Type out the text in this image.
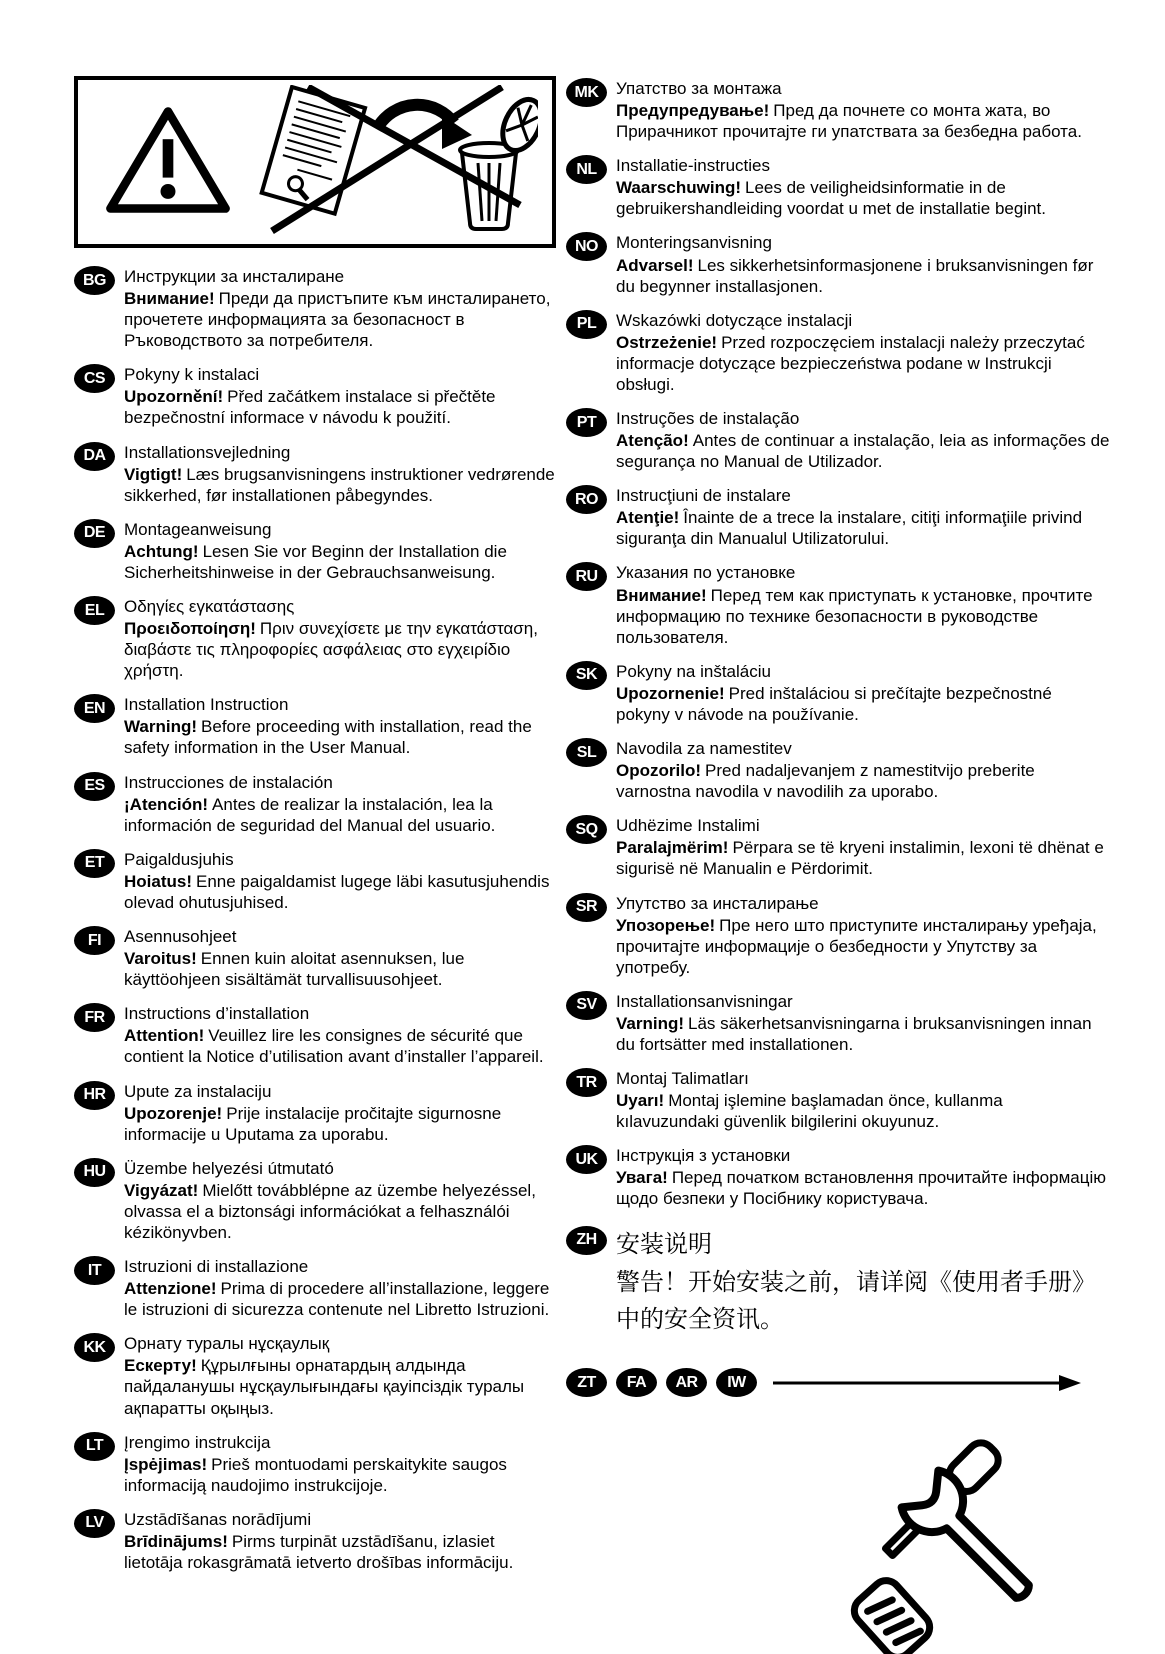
BG	Инструкции за инсталиране

Внимание! Преди да пристъпите към инсталирането, прочетете информацията за безопасност в Ръководството за потребителя.

CS	Pokyny k instalaci

Upozornění! Před začátkem instalace si přečtěte bezpečnostní informace v návodu k použití.

DA	Installationsvejledning

Vigtigt! Læs brugsanvisningens instruktioner vedrørende sikkerhed, før installationen påbegyndes.

DE	Montageanweisung

Achtung! Lesen Sie vor Beginn der Installation die Sicherheitshinweise in der Gebrauchsanweisung.

EL	Οδηγίες εγκατάστασης

Προειδοποίηση! Πριν συνεχίσετε με την εγκατάσταση, διαβάστε τις πληροφορίες ασφάλειας στο εγχειρίδιο χρήστη.

EN	Installation Instruction

Warning! Before proceeding with installation, read the safety information in the User Manual.

ES	Instrucciones de instalación

¡Atención! Antes de realizar la instalación, lea la información de seguridad del Manual del usuario.

ET	Paigaldusjuhis

Hoiatus! Enne paigaldamist lugege läbi kasutusjuhendis olevad ohutusjuhised.

FI	Asennusohjeet

Varoitus! Ennen kuin aloitat asennuksen, lue käyttöohjeen sisältämät turvallisuusohjeet.

FR	Instructions d’installation

Attention! Veuillez lire les consignes de sécurité que contient la Notice d’utilisation avant d’installer l’appareil.

HR	Upute za instalaciju

Upozorenje! Prije instalacije pročitajte sigurnosne informacije u Uputama za uporabu.

HU	Üzembe helyezési útmutató

Vigyázat! Mielőtt továbblépne az üzembe helyezéssel, olvassa el a biztonsági információkat a felhasználói kézikönyvben.

IT	Istruzioni di installazione

Attenzione! Prima di procedere all’installazione, leggere le istruzioni di sicurezza contenute nel Libretto Istruzioni.

KK	Орнату туралы нұсқаулық

Ескерту! Құрылғыны орнатардың алдында пайдаланушы нұсқаулығындағы қауіпсіздік туралы ақпаратты оқыңыз.

LT	Įrengimo instrukcija

Įspėjimas! Prieš montuodami perskaitykite saugos informaciją naudojimo instrukcijoje.

LV	Uzstādīšanas norādījumi

Brīdinājums! Pirms turpināt uzstādīšanu, izlasiet lietotāja rokasgrāmatā ietverto drošības informāciju.

MK	Упатство за монтажа

Предупредување! Пред да почнете со монта жата, во Прирачникот прочитајте ги упатствата за безбедна работа.

NL	Installatie-instructies

Waarschuwing! Lees de veiligheidsinformatie in de gebruikershandleiding voordat u met de installatie begint.

NO	Monteringsanvisning

Advarsel! Les sikkerhetsinformasjonene i bruksanvisningen før du begynner installasjonen.

PL	Wskazówki dotyczące instalacji

Ostrzeżenie! Przed rozpoczęciem instalacji należy przeczytać informacje dotyczące bezpieczeństwa podane w Instrukcji obsługi.

PT	Instruções de instalação

Atenção! Antes de continuar a instalação, leia as informações de segurança no Manual de Utilizador.

RO	Instrucţiuni de instalare

Atenţie! Înainte de a trece la instalare, citiţi informaţiile privind siguranţa din Manualul Utilizatorului.

RU	Указания по установке

Внимание! Перед тем как приступать к установке, прочтите информацию по технике безопасности в руководстве пользователя.

SK	Pokyny na inštaláciu

Upozornenie! Pred inštaláciou si prečítajte bezpečnostné pokyny v návode na používanie.

SL	Navodila za namestitev

Opozorilo! Pred nadaljevanjem z namestitvijo preberite varnostna navodila v navodilih za uporabo.

SQ	Udhëzime Instalimi

Paralajmërim! Përpara se të kryeni instalimin, lexoni të dhënat e sigurisë në Manualin e Përdorimit.

SR	Упутство за инсталирање

Упозорење! Пре него што приступите инсталирању уређаја, прочитајте информације о безбедности у Упутству за употребу.

SV	Installationsanvisningar

Varning! Läs säkerhetsanvisningarna i bruksanvisningen innan du fortsätter med installationen.

TR	Montaj Talimatları

Uyarı! Montaj işlemine başlamadan önce, kullanma kılavuzundaki güvenlik bilgilerini okuyunuz.

UK	Інструкція з установки

Увага! Перед початком встановлення прочитайте інформацію щодо безпеки у Посібнику користувача.

ZH 安装说明

警告！开始安装之前，请详阅《使用者手册》中的安全资讯。

ZT	FA	AR	IW
